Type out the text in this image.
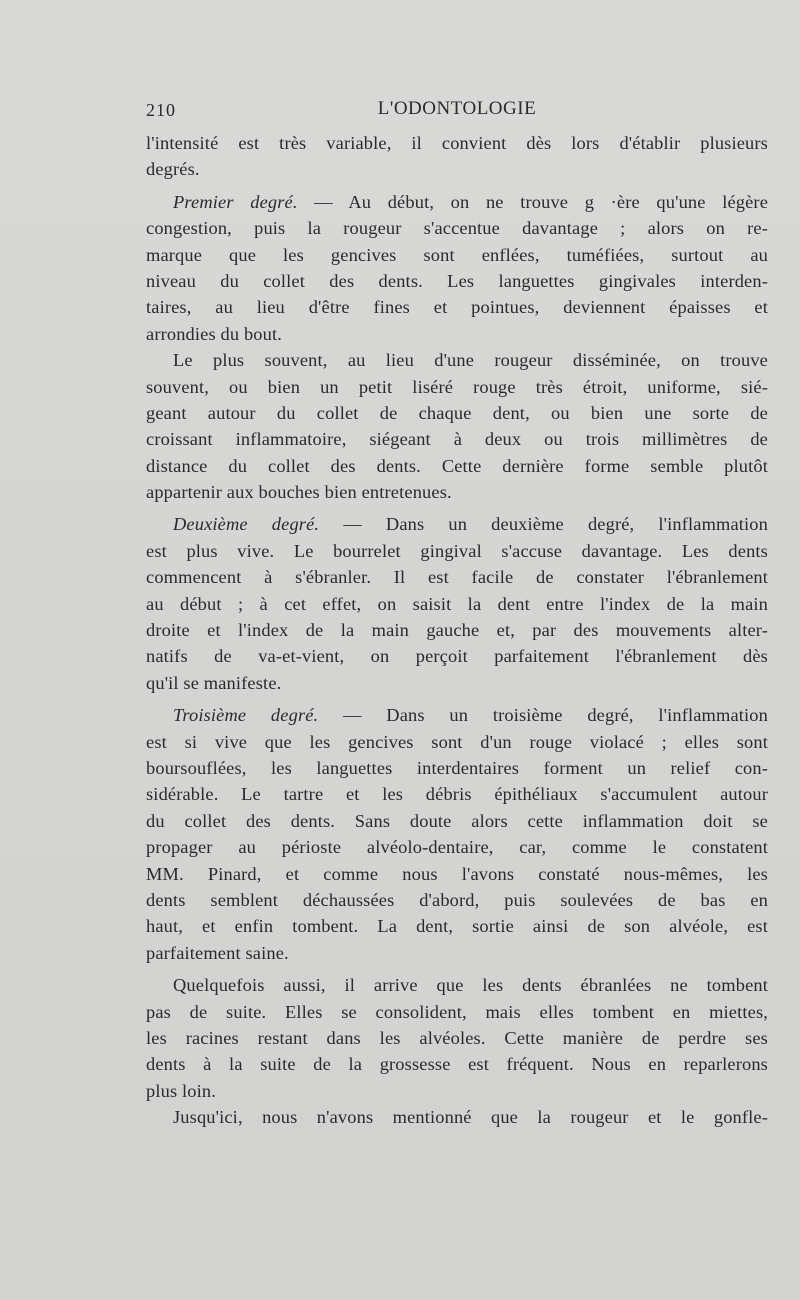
210	L'ODONTOLOGIE
l'intensité est très variable, il convient dès lors d'établir plusieurs
degrés.
Premier degré. — Au début, on ne trouve g ·ère qu'une légère
congestion, puis la rougeur s'accentue davantage ; alors on re-
marque que les gencives sont enflées, tuméfiées, surtout au
niveau du collet des dents. Les languettes gingivales interden-
taires, au lieu d'être fines et pointues, deviennent épaisses et
arrondies du bout.
Le plus souvent, au lieu d'une rougeur disséminée, on trouve
souvent, ou bien un petit liséré rouge très étroit, uniforme, sié-
geant autour du collet de chaque dent, ou bien une sorte de
croissant inflammatoire, siégeant à deux ou trois millimètres de
distance du collet des dents. Cette dernière forme semble plutôt
appartenir aux bouches bien entretenues.
Deuxième degré. — Dans un deuxième degré, l'inflammation
est plus vive. Le bourrelet gingival s'accuse davantage. Les dents
commencent à s'ébranler. Il est facile de constater l'ébranlement
au début ; à cet effet, on saisit la dent entre l'index de la main
droite et l'index de la main gauche et, par des mouvements alter-
natifs de va-et-vient, on perçoit parfaitement l'ébranlement dès
qu'il se manifeste.
Troisième degré. — Dans un troisième degré, l'inflammation
est si vive que les gencives sont d'un rouge violacé ; elles sont
boursouflées, les languettes interdentaires forment un relief con-
sidérable. Le tartre et les débris épithéliaux s'accumulent autour
du collet des dents. Sans doute alors cette inflammation doit se
propager au périoste alvéolo-dentaire, car, comme le constatent
MM. Pinard, et comme nous l'avons constaté nous-mêmes, les
dents semblent déchaussées d'abord, puis soulevées de bas en
haut, et enfin tombent. La dent, sortie ainsi de son alvéole, est
parfaitement saine.
Quelquefois aussi, il arrive que les dents ébranlées ne tombent
pas de suite. Elles se consolident, mais elles tombent en miettes,
les racines restant dans les alvéoles. Cette manière de perdre ses
dents à la suite de la grossesse est fréquent. Nous en reparlerons
plus loin.
Jusqu'ici, nous n'avons mentionné que la rougeur et le gonfle-
